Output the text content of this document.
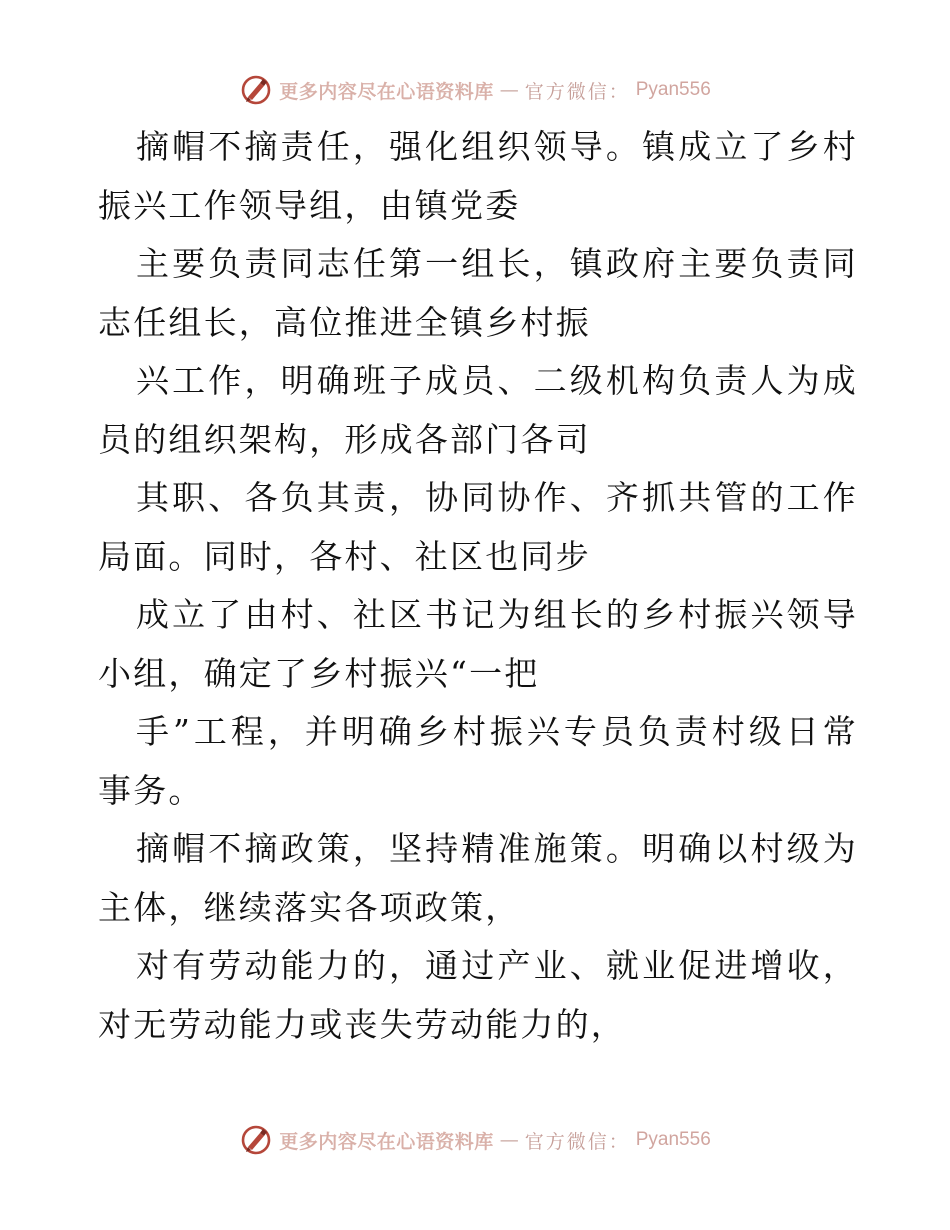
更多内容尽在心语资料库 — 官方微信： Pyan556

摘帽不摘责任，强化组织领导。镇成立了乡村振兴工作领导组，由镇党委

主要负责同志任第一组长，镇政府主要负责同志任组长，高位推进全镇乡村振

兴工作，明确班子成员、二级机构负责人为成员的组织架构，形成各部门各司

其职、各负其责，协同协作、齐抓共管的工作局面。同时，各村、社区也同步

成立了由村、社区书记为组长的乡村振兴领导小组，确定了乡村振兴“一把

手”工程，并明确乡村振兴专员负责村级日常事务。

摘帽不摘政策，坚持精准施策。明确以村级为主体，继续落实各项政策，

对有劳动能力的，通过产业、就业促进增收，对无劳动能力或丧失劳动能力的，

更多内容尽在心语资料库 — 官方微信： Pyan556
